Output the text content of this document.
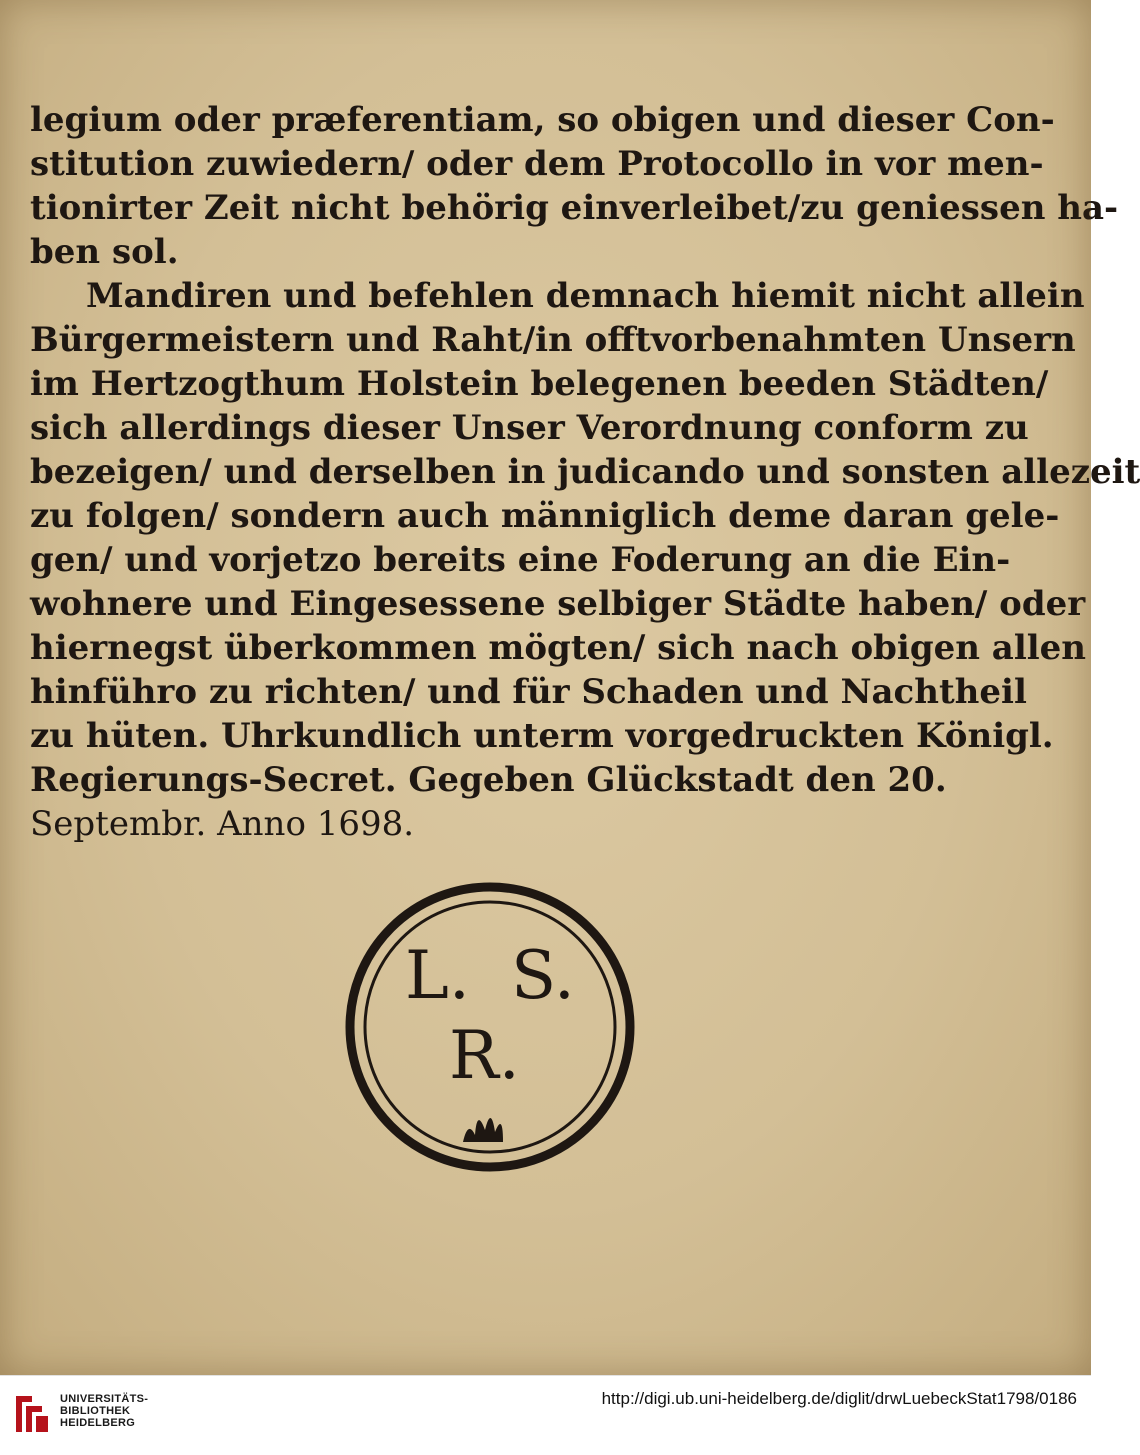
legium oder præferentiam, so obigen und dieser Con-
stitution zuwiedern/ oder dem Protocollo in vor men-
tionirter Zeit nicht behörig einverleibet/zu geniessen ha-
ben sol.
Mandiren und befehlen demnach hiemit nicht allein
Bürgermeistern und Raht/in offtvorbenahmten Unsern
im Hertzogthum Holstein belegenen beeden Städten/
sich allerdings dieser Unser Verordnung conform zu
bezeigen/ und derselben in judicando und sonsten allezeit
zu folgen/ sondern auch männiglich deme daran gele-
gen/ und vorjetzo bereits eine Foderung an die Ein-
wohnere und Eingesessene selbiger Städte haben/ oder
hiernegst überkommen mögten/ sich nach obigen allen
hinführo zu richten/ und für Schaden und Nachtheil
zu hüten. Uhrkundlich unterm vorgedruckten Königl.
Regierungs-Secret. Gegeben Glückstadt den 20.
Septembr. Anno 1698.
L. S.
R.
UNIVERSITÄTS-
BIBLIOTHEK
HEIDELBERG
http://digi.ub.uni-heidelberg.de/diglit/drwLuebeckStat1798/0186
